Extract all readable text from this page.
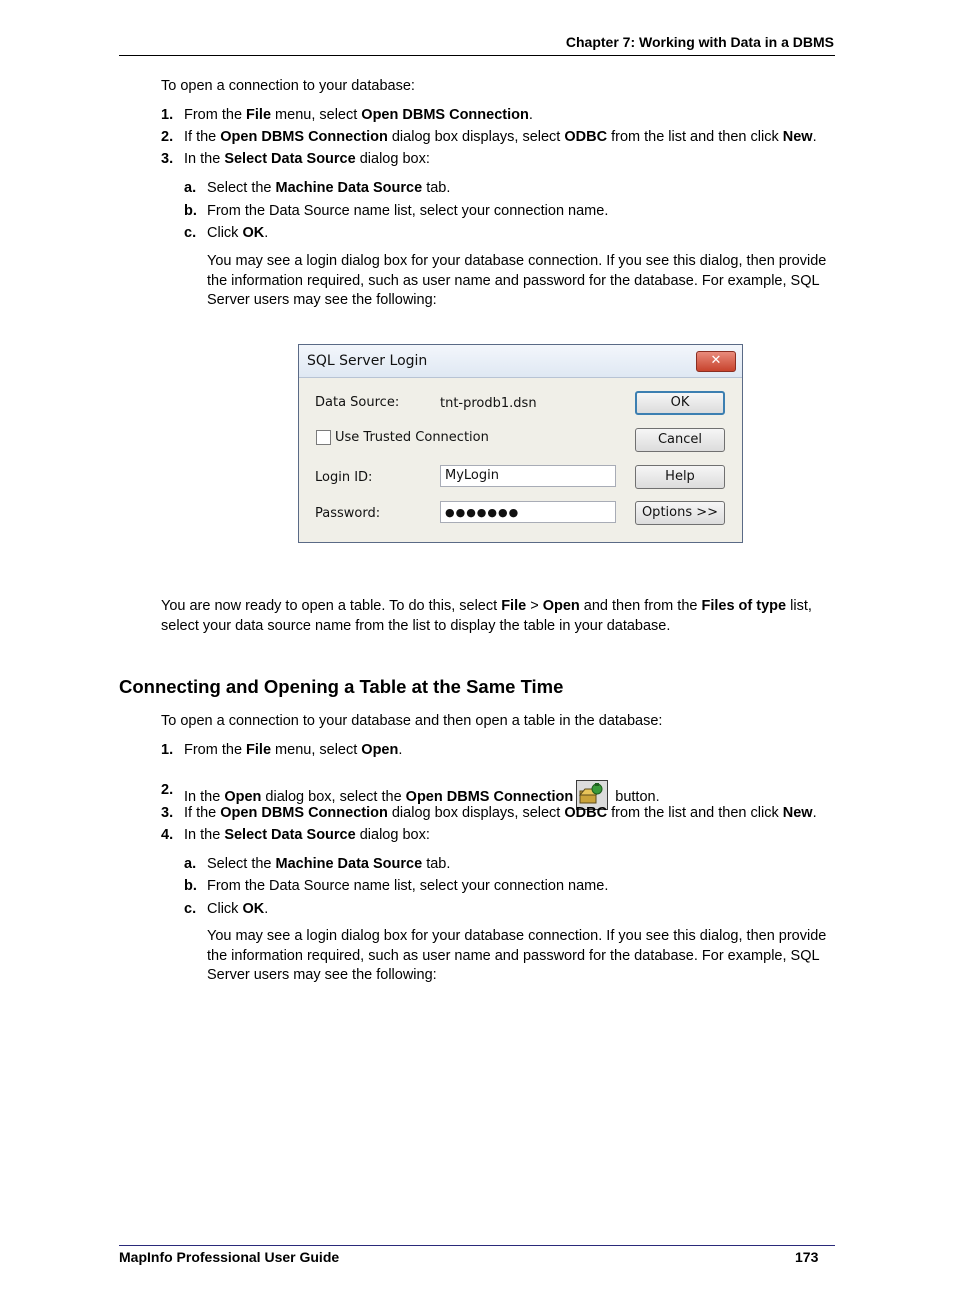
Chapter 7: Working with Data in a DBMS
To open a connection to your database:
1. From the File menu, select Open DBMS Connection.
2. If the Open DBMS Connection dialog box displays, select ODBC from the list and then click New.
3. In the Select Data Source dialog box:
a. Select the Machine Data Source tab.
b. From the Data Source name list, select your connection name.
c. Click OK.
You may see a login dialog box for your database connection. If you see this dialog, then provide the information required, such as user name and password for the database. For example, SQL Server users may see the following:
SQL Server Login	✕
Data Source:	tnt-prodb1.dsn
Use Trusted Connection
Login ID:	MyLogin
Password:	●●●●●●●
OK
Cancel
Help
Options >>
You are now ready to open a table. To do this, select File > Open and then from the Files of type list, select your data source name from the list to display the table in your database.
Connecting and Opening a Table at the Same Time
To open a connection to your database and then open a table in the database:
1. From the File menu, select Open.
2. In the Open dialog box, select the Open DBMS Connection	button.
3. If the Open DBMS Connection dialog box displays, select ODBC from the list and then click New.
4. In the Select Data Source dialog box:
a. Select the Machine Data Source tab.
b. From the Data Source name list, select your connection name.
c. Click OK.
You may see a login dialog box for your database connection. If you see this dialog, then provide the information required, such as user name and password for the database. For example, SQL Server users may see the following:
MapInfo Professional User Guide	173
